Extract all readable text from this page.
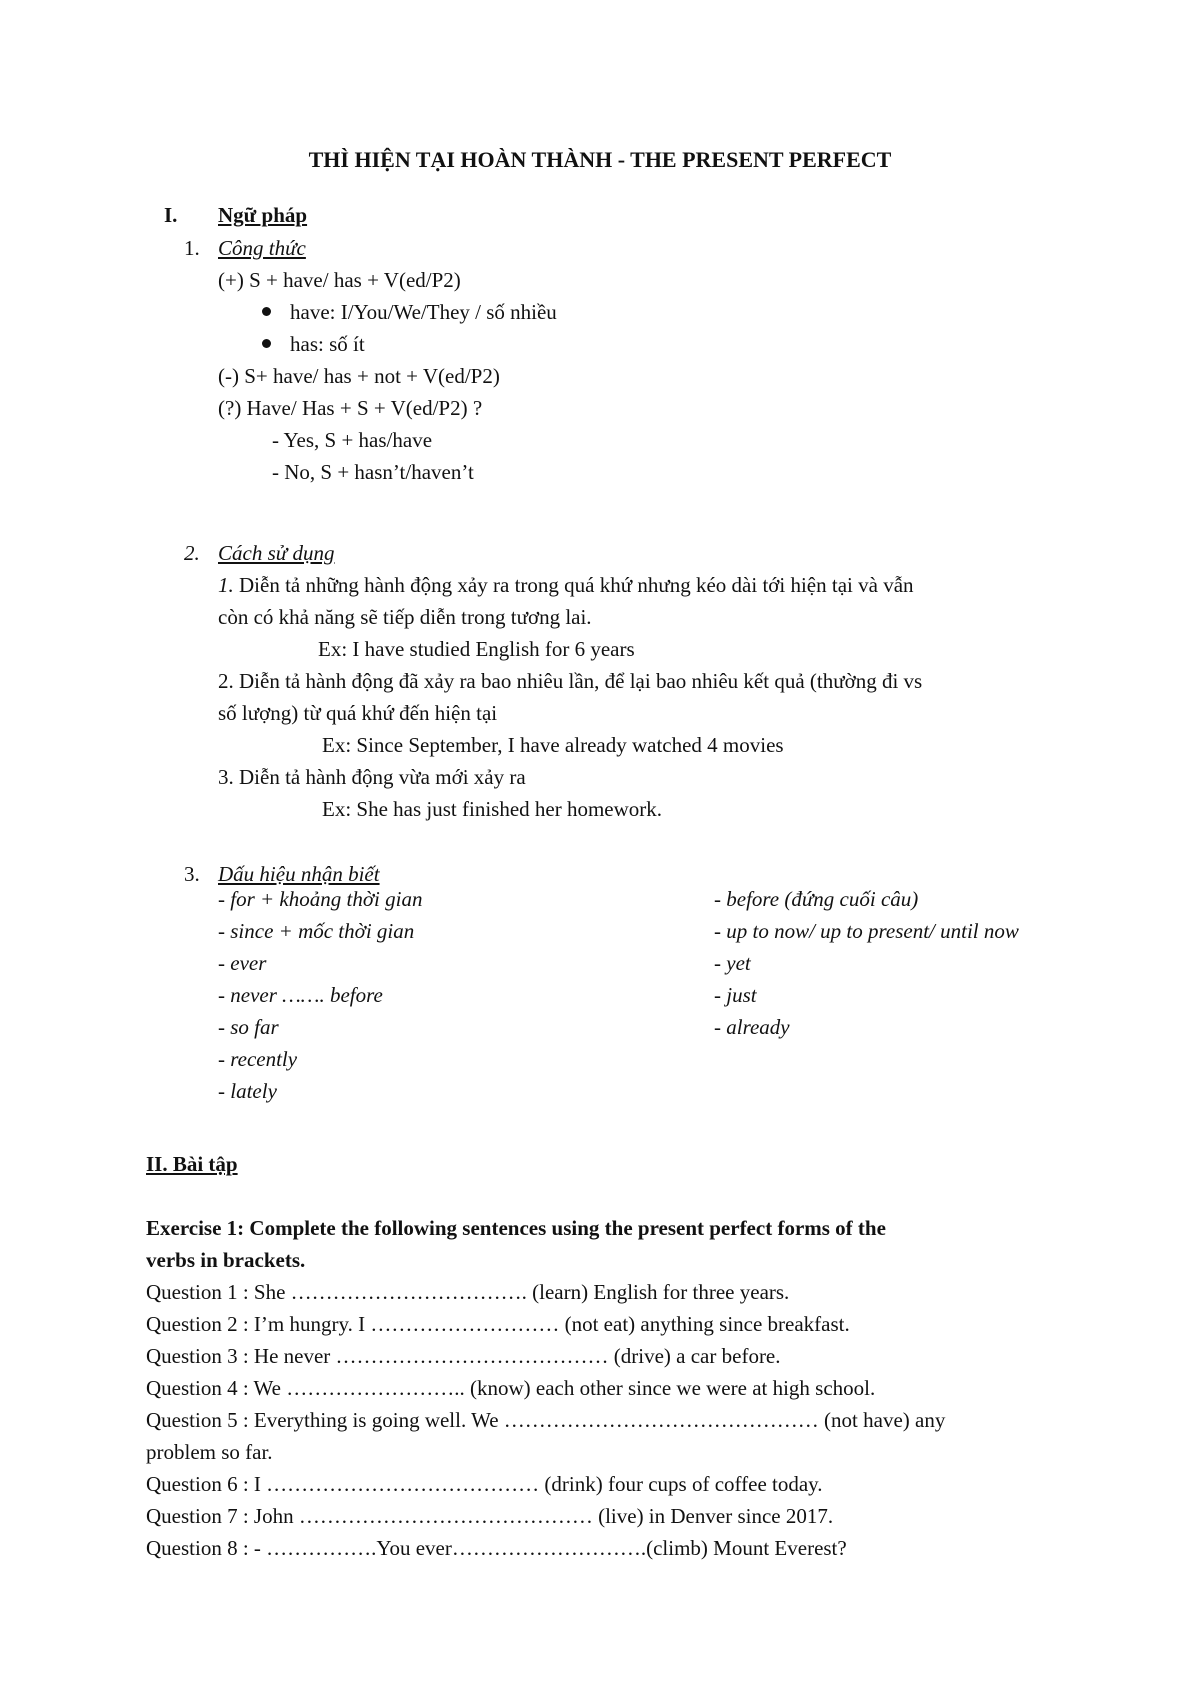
THÌ HIỆN TẠI HOÀN THÀNH - THE PRESENT PERFECT
I. Ngữ pháp
1. Công thức
(+) S + have/ has + V(ed/P2)
have: I/You/We/They / số nhiều
has: số ít
(-) S+ have/ has + not + V(ed/P2)
(?) Have/ Has + S + V(ed/P2) ?
- Yes, S + has/have
- No, S + hasn’t/haven’t
2. Cách sử dụng
1. Diễn tả những hành động xảy ra trong quá khứ nhưng kéo dài tới hiện tại và vẫn
còn có khả năng sẽ tiếp diễn trong tương lai.
Ex: I have studied English for 6 years
2. Diễn tả hành động đã xảy ra bao nhiêu lần, để lại bao nhiêu kết quả (thường đi vs
số lượng) từ quá khứ đến hiện tại
Ex: Since September, I have already watched 4 movies
3. Diễn tả hành động vừa mới xảy ra
Ex: She has just finished her homework.
3. Dấu hiệu nhận biết
- for + khoảng thời gian
- since + mốc thời gian
- ever
- never ……. before
- so far
- recently
- lately
- before (đứng cuối câu)
- up to now/ up to present/ until now
- yet
- just
- already
II. Bài tập
Exercise 1: Complete the following sentences using the present perfect forms of the
verbs in brackets.
Question 1 : She ……………………………. (learn) English for three years.
Question 2 : I’m hungry. I ……………………… (not eat) anything since breakfast.
Question 3 : He never ………………………………… (drive) a car before.
Question 4 : We …………………….. (know) each other since we were at high school.
Question 5 : Everything is going well. We ……………………………………… (not have) any
problem so far.
Question 6 : I ………………………………… (drink) four cups of coffee today.
Question 7 : John …………………………………… (live) in Denver since 2017.
Question 8 : - …………….You ever……………………….(climb) Mount Everest?
